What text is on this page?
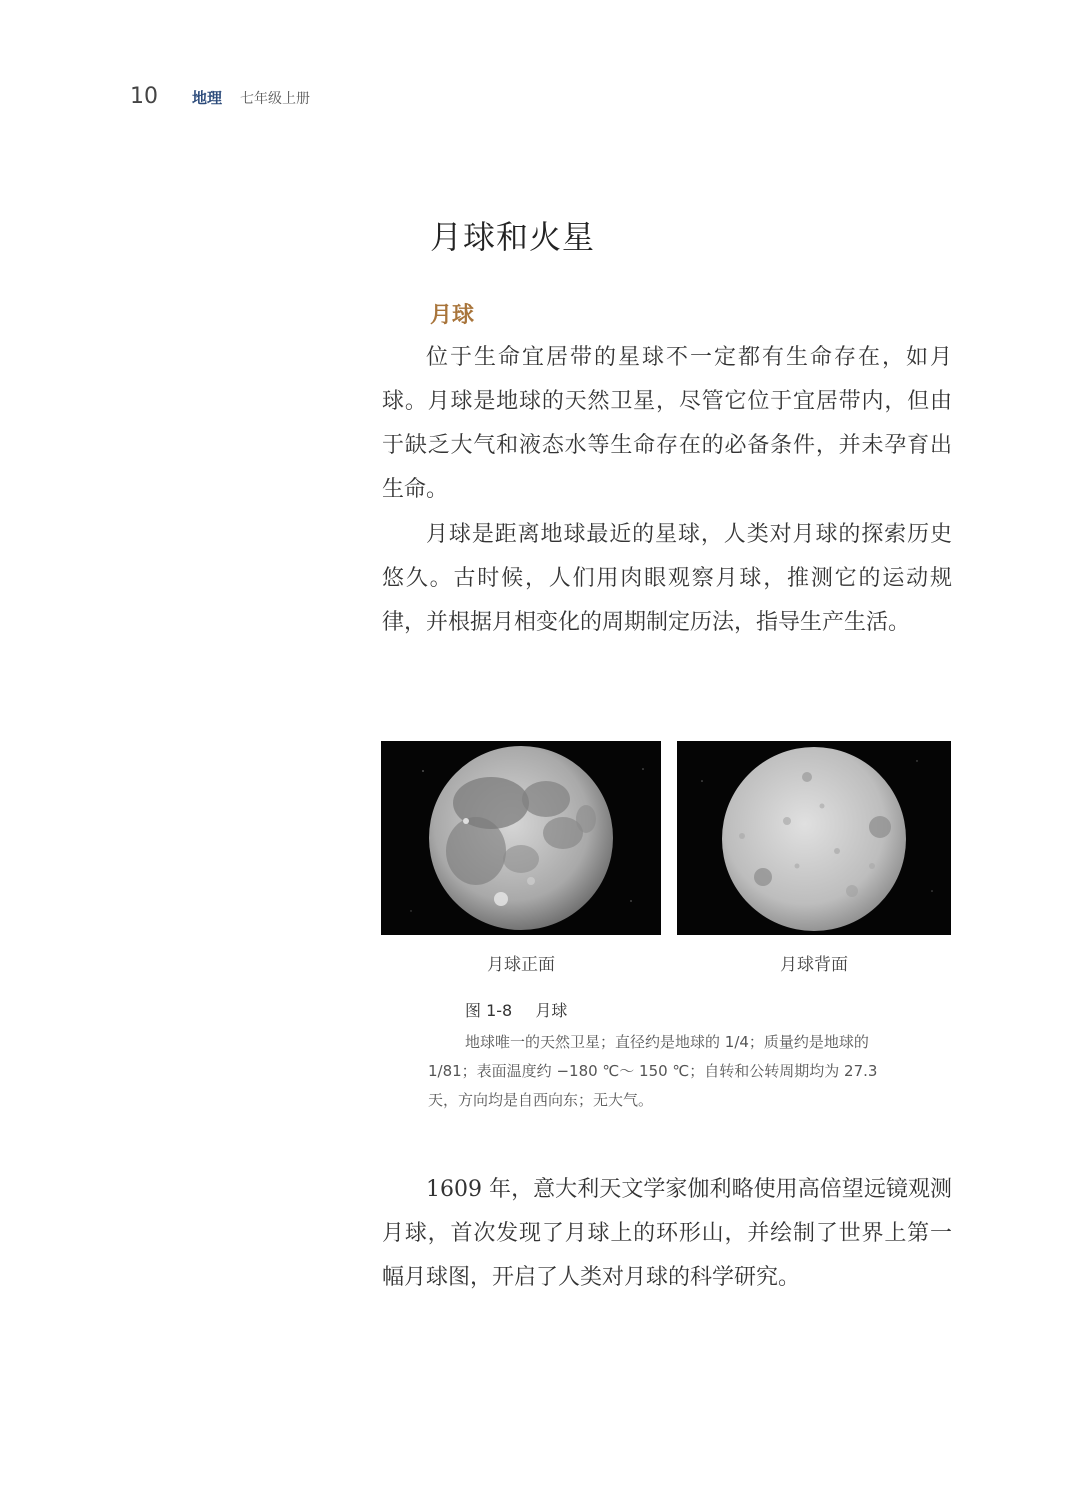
10 地理 七年级上册
月球和火星
月球

位于生命宜居带的星球不一定都有生命存在，如月球。月球是地球的天然卫星，尽管它位于宜居带内，但由于缺乏大气和液态水等生命存在的必备条件，并未孕育出生命。

月球是距离地球最近的星球，人类对月球的探索历史悠久。古时候，人们用肉眼观察月球，推测它的运动规律，并根据月相变化的周期制定历法，指导生产生活。

月球正面	月球背面
图 1-8 月球

地球唯一的天然卫星；直径约是地球的 1/4；质量约是地球的 1/81；表面温度约 −180 ℃～ 150 ℃；自转和公转周期均为 27.3 天，方向均是自西向东；无大气。

1609 年，意大利天文学家伽利略使用高倍望远镜观测月球，首次发现了月球上的环形山，并绘制了世界上第一幅月球图，开启了人类对月球的科学研究。
